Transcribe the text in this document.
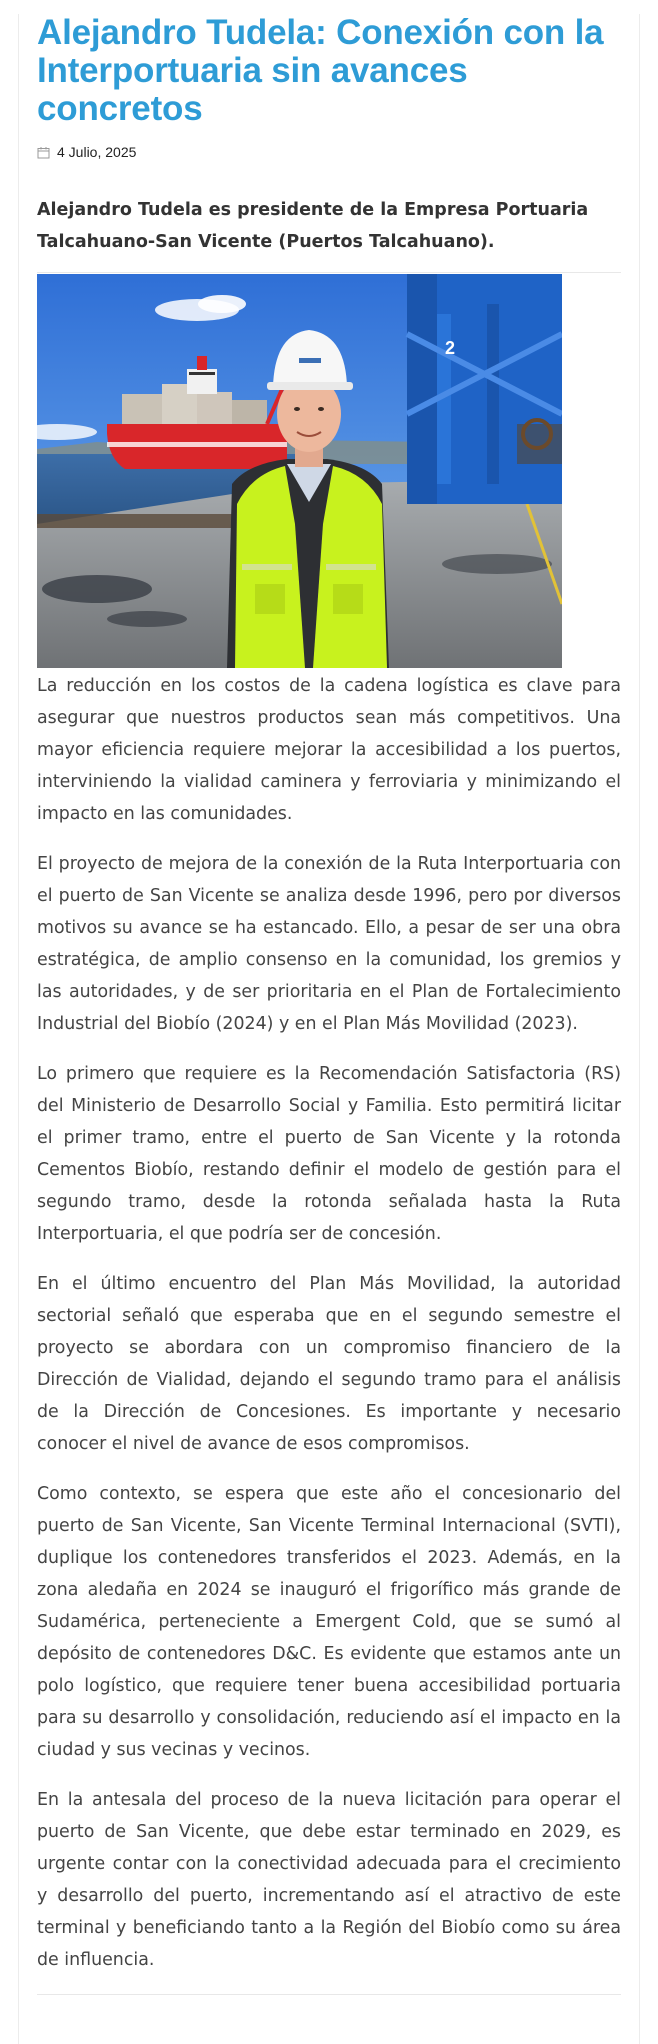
Alejandro Tudela: Conexión con la Interportuaria sin avances concretos
4 Julio, 2025
Alejandro Tudela es presidente de la Empresa Portuaria Talcahuano-San Vicente (Puertos Talcahuano).
2

La reducción en los costos de la cadena logística es clave para asegurar que nuestros productos sean más competitivos. Una mayor eficiencia requiere mejorar la accesibilidad a los puertos, interviniendo la vialidad caminera y ferroviaria y minimizando el impacto en las comunidades.

El proyecto de mejora de la conexión de la Ruta Interportuaria con el puerto de San Vicente se analiza desde 1996, pero por diversos motivos su avance se ha estancado. Ello, a pesar de ser una obra estratégica, de amplio consenso en la comunidad, los gremios y las autoridades, y de ser prioritaria en el Plan de Fortalecimiento Industrial del Biobío (2024) y en el Plan Más Movilidad (2023).

Lo primero que requiere es la Recomendación Satisfactoria (RS) del Ministerio de Desarrollo Social y Familia. Esto permitirá licitar el primer tramo, entre el puerto de San Vicente y la rotonda Cementos Biobío, restando definir el modelo de gestión para el segundo tramo, desde la rotonda señalada hasta la Ruta Interportuaria, el que podría ser de concesión.

En el último encuentro del Plan Más Movilidad, la autoridad sectorial señaló que esperaba que en el segundo semestre el proyecto se abordara con un compromiso financiero de la Dirección de Vialidad, dejando el segundo tramo para el análisis de la Dirección de Concesiones. Es importante y necesario conocer el nivel de avance de esos compromisos.

Como contexto, se espera que este año el concesionario del puerto de San Vicente, San Vicente Terminal Internacional (SVTI), duplique los contenedores transferidos el 2023. Además, en la zona aledaña en 2024 se inauguró el frigorífico más grande de Sudamérica, perteneciente a Emergent Cold, que se sumó al depósito de contenedores D&C. Es evidente que estamos ante un polo logístico, que requiere tener buena accesibilidad portuaria para su desarrollo y consolidación, reduciendo así el impacto en la ciudad y sus vecinas y vecinos.

En la antesala del proceso de la nueva licitación para operar el puerto de San Vicente, que debe estar terminado en 2029, es urgente contar con la conectividad adecuada para el crecimiento y desarrollo del puerto, incrementando así el atractivo de este terminal y beneficiando tanto a la Región del Biobío como su área de influencia.
